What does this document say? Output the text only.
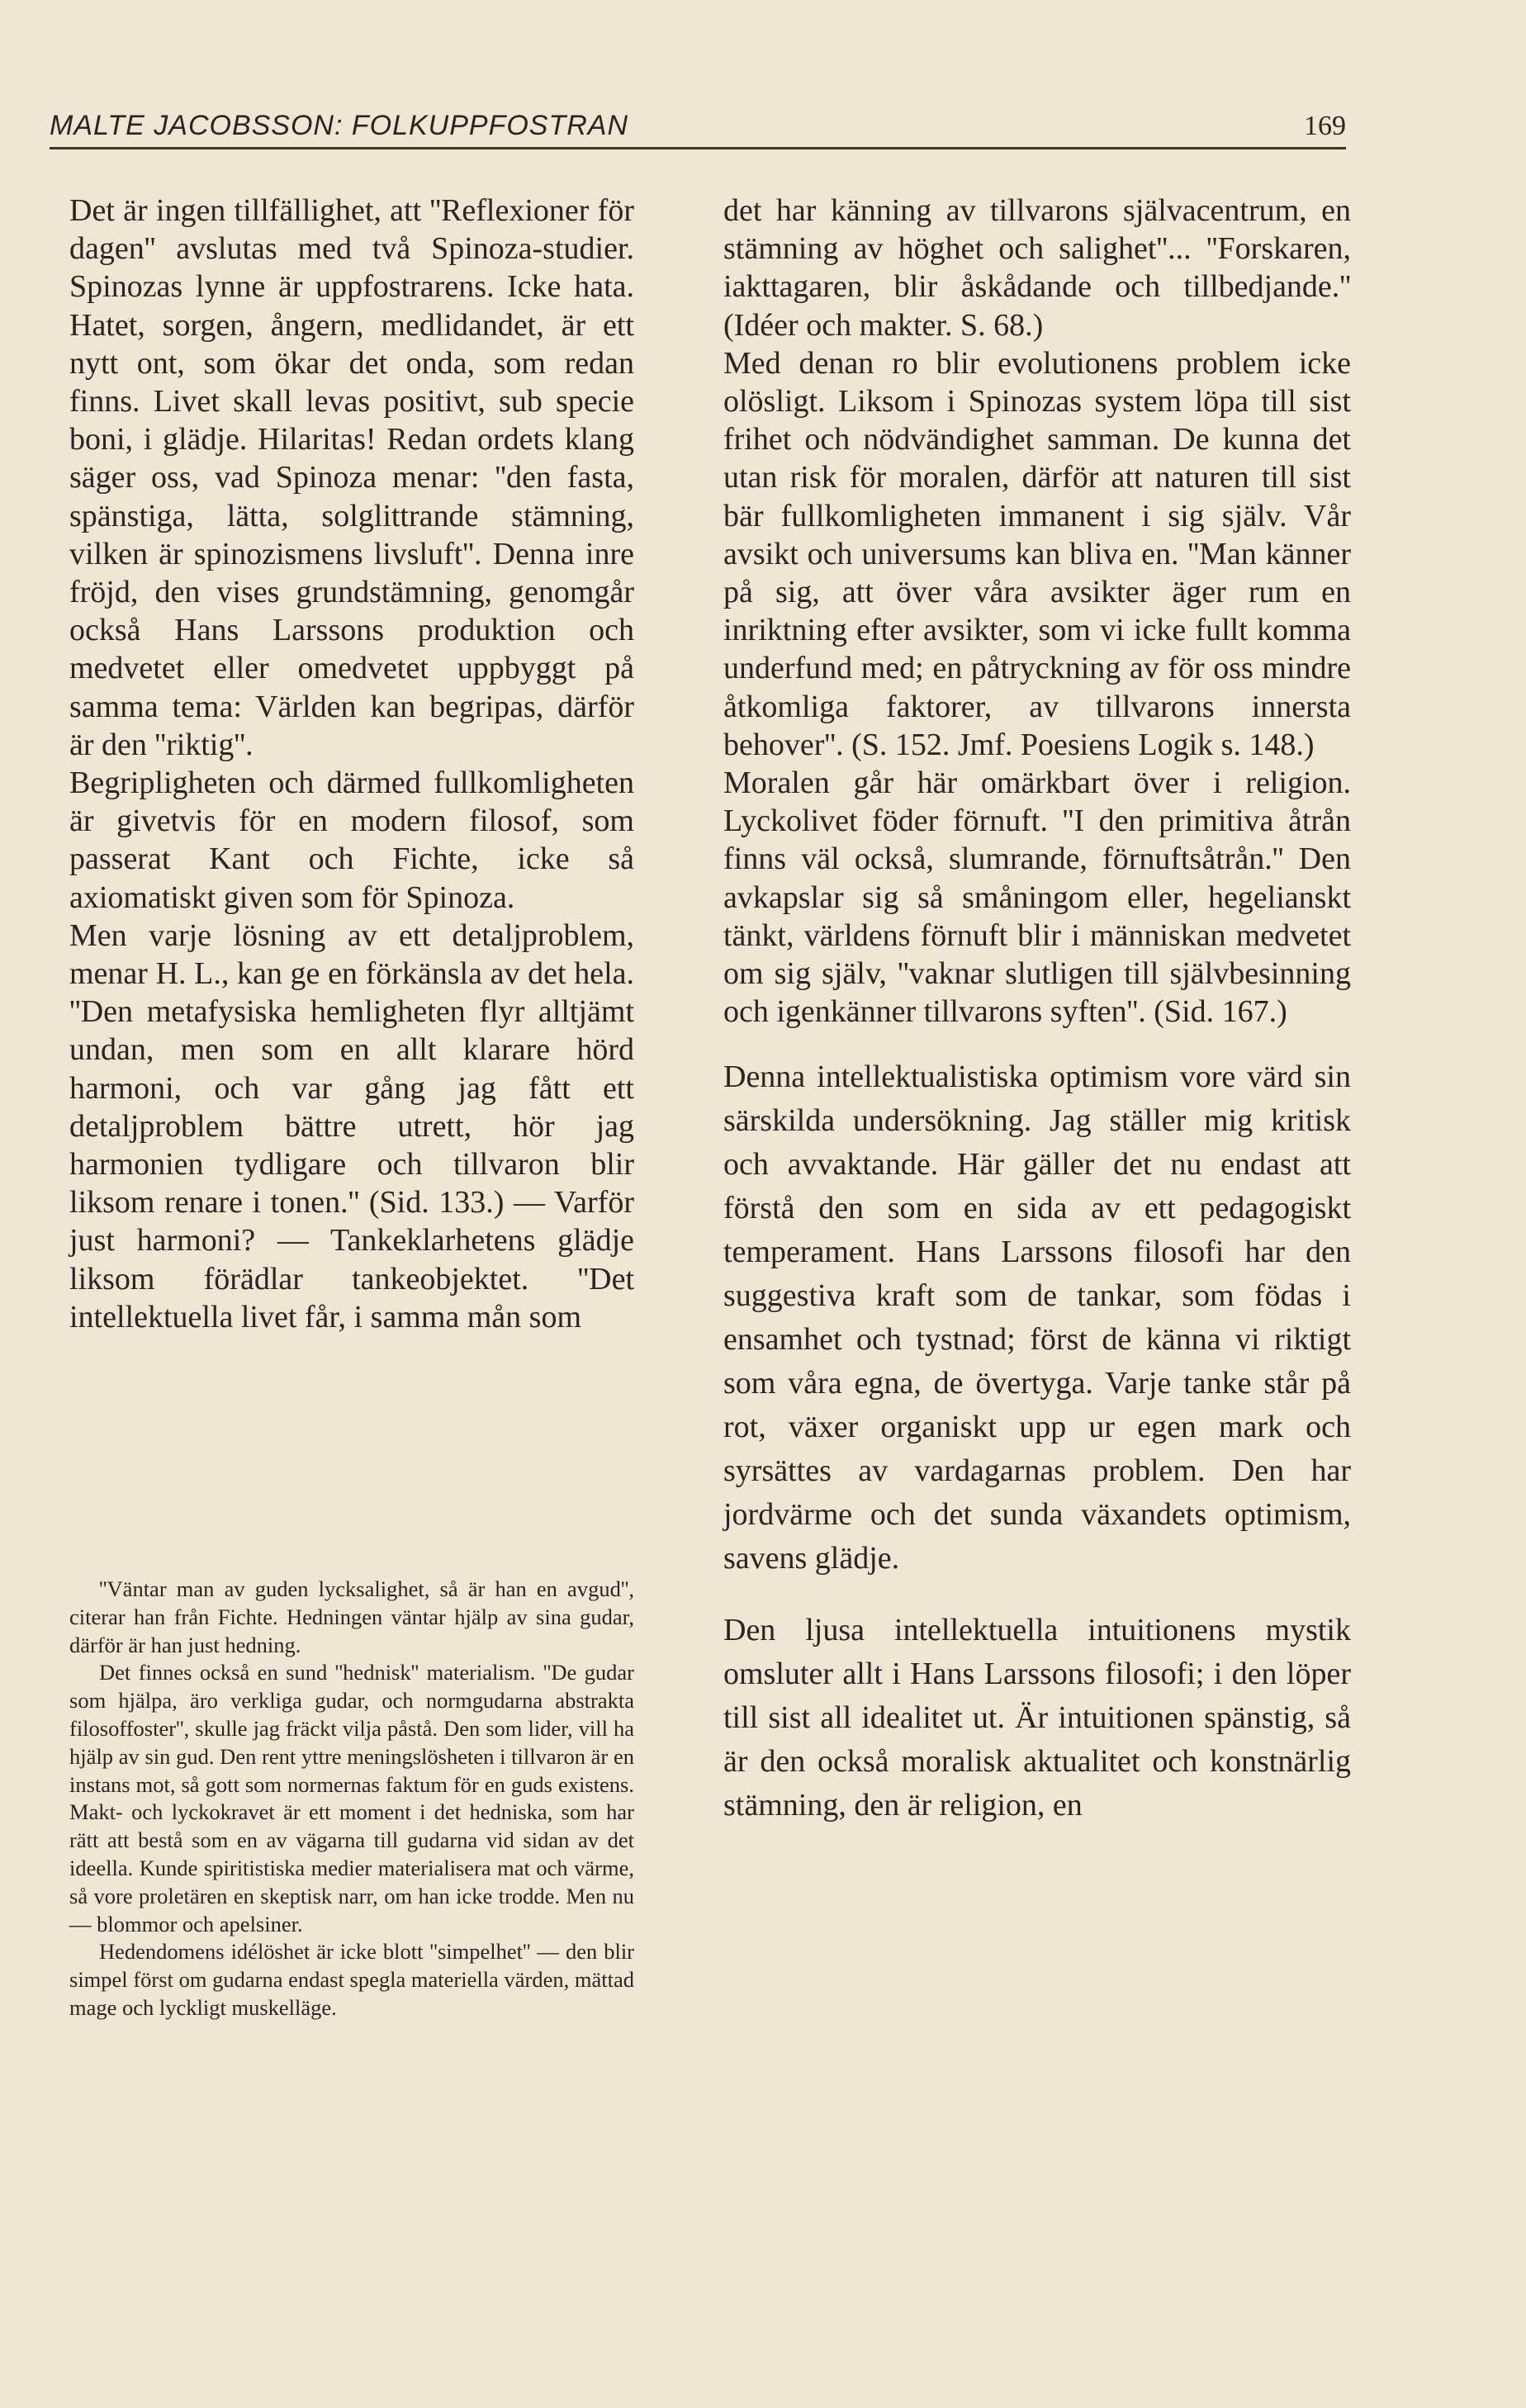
MALTE JACOBSSON: FOLKUPPFOSTRAN	169

Det är ingen tillfällighet, att ''Reflexioner för dagen'' avslutas med två Spinoza-studier. Spinozas lynne är uppfostrarens. Icke hata. Hatet, sorgen, ångern, medlidandet, är ett nytt ont, som ökar det onda, som redan finns. Livet skall levas positivt, sub specie boni, i glädje. Hilaritas! Redan ordets klang säger oss, vad Spinoza menar: ''den fasta, spänstiga, lätta, solglittrande stämning, vilken är spinozismens livsluft''. Denna inre fröjd, den vises grundstämning, genomgår också Hans Larssons produktion och medvetet eller omedvetet uppbyggt på samma tema: Världen kan begripas, därför är den ''riktig''.

Begripligheten och därmed fullkomligheten är givetvis för en modern filosof, som passerat Kant och Fichte, icke så axiomatiskt given som för Spinoza.

Men varje lösning av ett detaljproblem, menar H. L., kan ge en förkänsla av det hela. ''Den metafysiska hemligheten flyr alltjämt undan, men som en allt klarare hörd harmoni, och var gång jag fått ett detaljproblem bättre utrett, hör jag harmonien tydligare och tillvaron blir liksom renare i tonen.'' (Sid. 133.) — Varför just harmoni? — Tankeklarhetens glädje liksom förädlar tankeobjektet. ''Det intellektuella livet får, i samma mån som

''Väntar man av guden lycksalighet, så är han en avgud'', citerar han från Fichte. Hedningen väntar hjälp av sina gudar, därför är han just hedning.

Det finnes också en sund ''hednisk'' materialism. ''De gudar som hjälpa, äro verkliga gudar, och normgudarna abstrakta filosoffoster'', skulle jag fräckt vilja påstå. Den som lider, vill ha hjälp av sin gud. Den rent yttre meningslösheten i tillvaron är en instans mot, så gott som normernas faktum för en guds existens. Makt- och lyckokravet är ett moment i det hedniska, som har rätt att bestå som en av vägarna till gudarna vid sidan av det ideella. Kunde spiritistiska medier materialisera mat och värme, så vore proletären en skeptisk narr, om han icke trodde. Men nu — blommor och apelsiner.

Hedendomens idélöshet är icke blott ''simpelhet'' — den blir simpel först om gudarna endast spegla materiella värden, mättad mage och lyckligt muskelläge.

det har känning av tillvarons självacentrum, en stämning av höghet och salighet''... ''Forskaren, iakttagaren, blir åskådande och tillbedjande.'' (Idéer och makter. S. 68.)

Med denan ro blir evolutionens problem icke olösligt. Liksom i Spinozas system löpa till sist frihet och nödvändighet samman. De kunna det utan risk för moralen, därför att naturen till sist bär fullkomligheten immanent i sig själv. Vår avsikt och universums kan bliva en. ''Man känner på sig, att över våra avsikter äger rum en inriktning efter avsikter, som vi icke fullt komma underfund med; en påtryckning av för oss mindre åtkomliga faktorer, av tillvarons innersta behover''. (S. 152. Jmf. Poesiens Logik s. 148.)

Moralen går här omärkbart över i religion. Lyckolivet föder förnuft. ''I den primitiva åtrån finns väl också, slumrande, förnuftsåtrån.'' Den avkapslar sig så småningom eller, hegelianskt tänkt, världens förnuft blir i människan medvetet om sig själv, ''vaknar slutligen till självbesinning och igenkänner tillvarons syften''. (Sid. 167.)

Denna intellektualistiska optimism vore värd sin särskilda undersökning. Jag ställer mig kritisk och avvaktande. Här gäller det nu endast att förstå den som en sida av ett pedagogiskt temperament. Hans Larssons filosofi har den suggestiva kraft som de tankar, som födas i ensamhet och tystnad; först de känna vi riktigt som våra egna, de övertyga. Varje tanke står på rot, växer organiskt upp ur egen mark och syrsättes av vardagarnas problem. Den har jordvärme och det sunda växandets optimism, savens glädje.

Den ljusa intellektuella intuitionens mystik omsluter allt i Hans Larssons filosofi; i den löper till sist all idealitet ut. Är intuitionen spänstig, så är den också moralisk aktualitet och konstnärlig stämning, den är religion, en
